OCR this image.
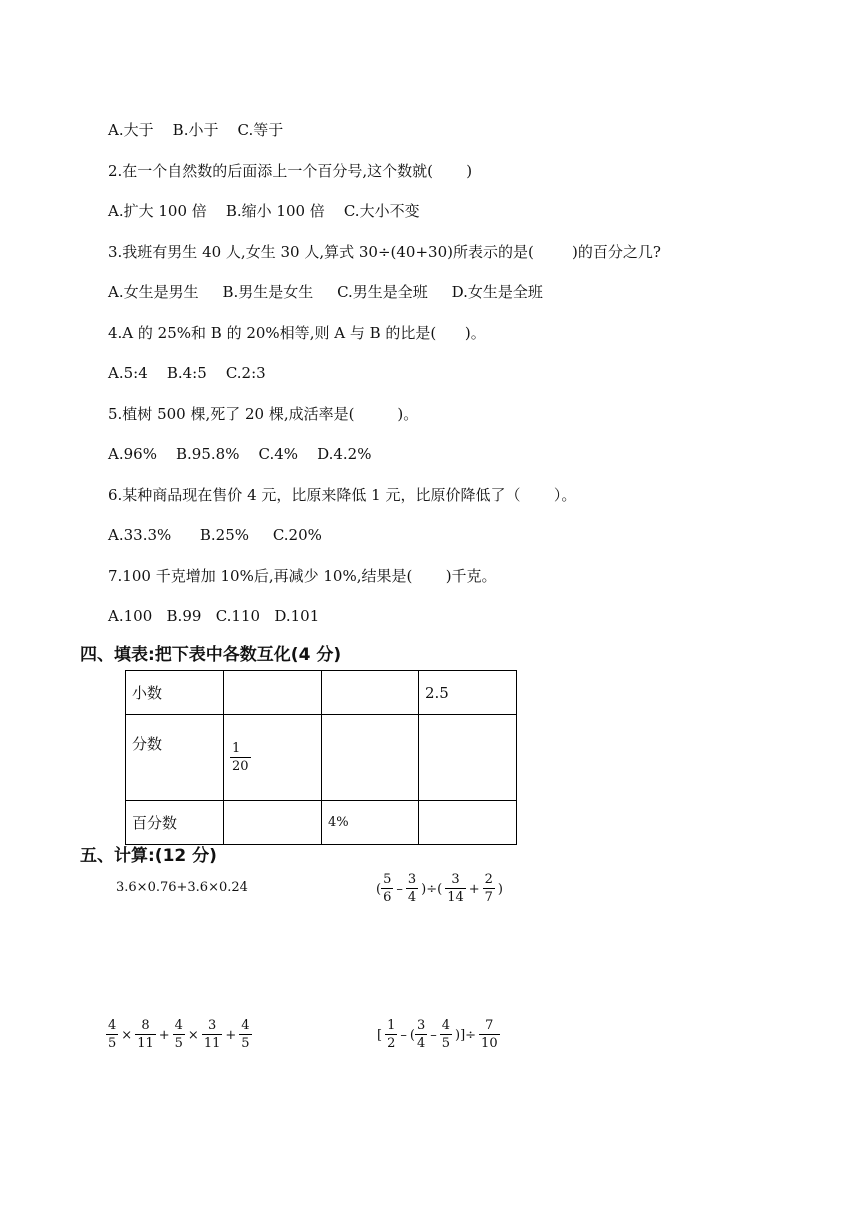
A.大于    B.小于    C.等于
2.在一个自然数的后面添上一个百分号,这个数就(       )
A.扩大 100 倍    B.缩小 100 倍    C.大小不变
3.我班有男生 40 人,女生 30 人,算式 30÷(40+30)所表示的是(        )的百分之几?
A.女生是男生     B.男生是女生     C.男生是全班     D.女生是全班
4.A 的 25%和 B 的 20%相等,则 A 与 B 的比是(      )。
A.5:4    B.4:5    C.2:3
5.植树 500 棵,死了 20 棵,成活率是(         )。
A.96%    B.95.8%    C.4%    D.4.2%
6.某种商品现在售价 4 元，比原来降低 1 元，比原价降低了（       ）。
A.33.3%      B.25%     C.20%
7.100 千克增加 10%后,再减少 10%,结果是(       )千克。
A.100   B.99   C.110   D.101
四、填表:把下表中各数互化(4 分)
小数			2.5
分数	$\frac{1}{20}$

百分数		4%	
五、计算:(12 分)
3.6×0.76+3.6×0.24	( $\frac{5}{6} - \frac{3}{4}$ )÷( $\frac{3}{14} + \frac{2}{7}$ )
$\frac{4}{5} \times \frac{8}{11} + \frac{4}{5} \times \frac{3}{11} + \frac{4}{5}$	[ $\frac{1}{2}$ – ( $\frac{3}{4} - \frac{4}{5}$ )]÷ $\frac{7}{10}$
